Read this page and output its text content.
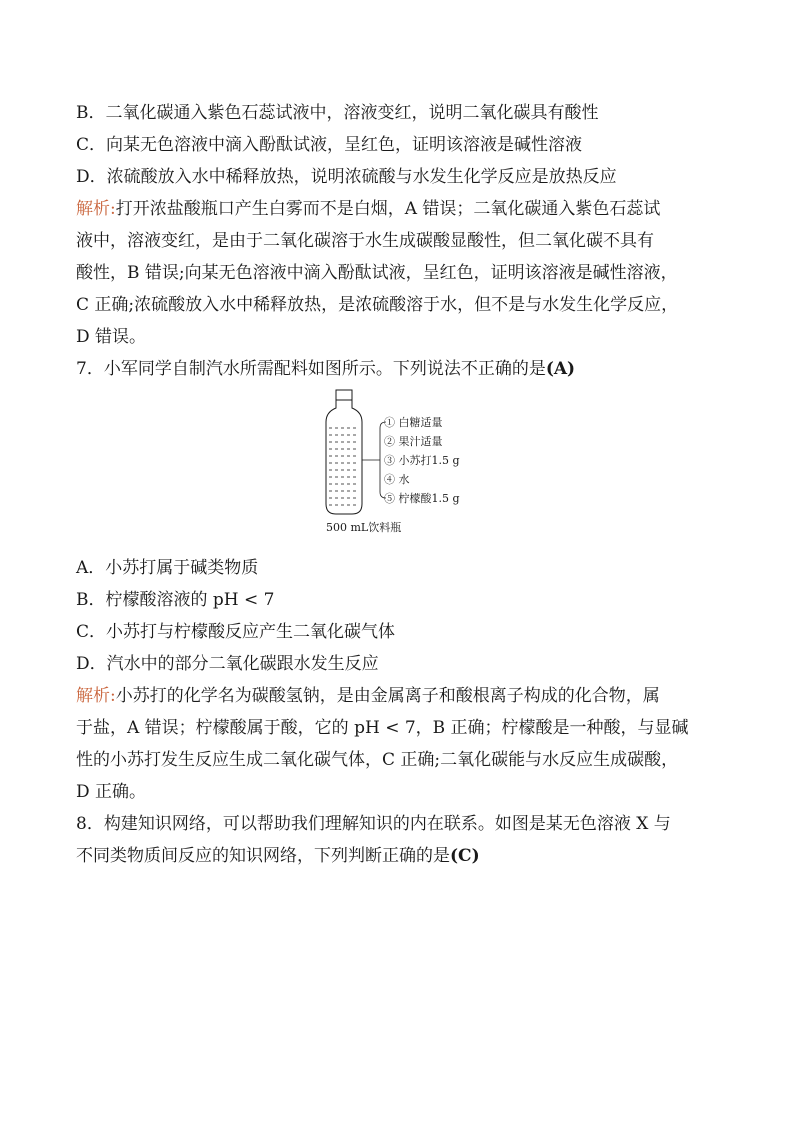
B．二氧化碳通入紫色石蕊试液中，溶液变红，说明二氧化碳具有酸性
C．向某无色溶液中滴入酚酞试液，呈红色，证明该溶液是碱性溶液
D．浓硫酸放入水中稀释放热，说明浓硫酸与水发生化学反应是放热反应
解析:打开浓盐酸瓶口产生白雾而不是白烟，A 错误；二氧化碳通入紫色石蕊试
液中，溶液变红，是由于二氧化碳溶于水生成碳酸显酸性，但二氧化碳不具有
酸性，B 错误;向某无色溶液中滴入酚酞试液，呈红色，证明该溶液是碱性溶液，
C 正确;浓硫酸放入水中稀释放热，是浓硫酸溶于水，但不是与水发生化学反应，
D 错误。
7．小军同学自制汽水所需配料如图所示。下列说法不正确的是(A)
① 白糖适量
② 果汁适量
③ 小苏打1.5 g
④ 水
⑤ 柠檬酸1.5 g
500 mL饮料瓶
A．小苏打属于碱类物质
B．柠檬酸溶液的 pH < 7
C．小苏打与柠檬酸反应产生二氧化碳气体
D．汽水中的部分二氧化碳跟水发生反应
解析:小苏打的化学名为碳酸氢钠，是由金属离子和酸根离子构成的化合物，属
于盐，A 错误；柠檬酸属于酸，它的 pH < 7，B 正确；柠檬酸是一种酸，与显碱
性的小苏打发生反应生成二氧化碳气体，C 正确;二氧化碳能与水反应生成碳酸，
D 正确。
8．构建知识网络，可以帮助我们理解知识的内在联系。如图是某无色溶液 X 与
不同类物质间反应的知识网络，下列判断正确的是(C)
